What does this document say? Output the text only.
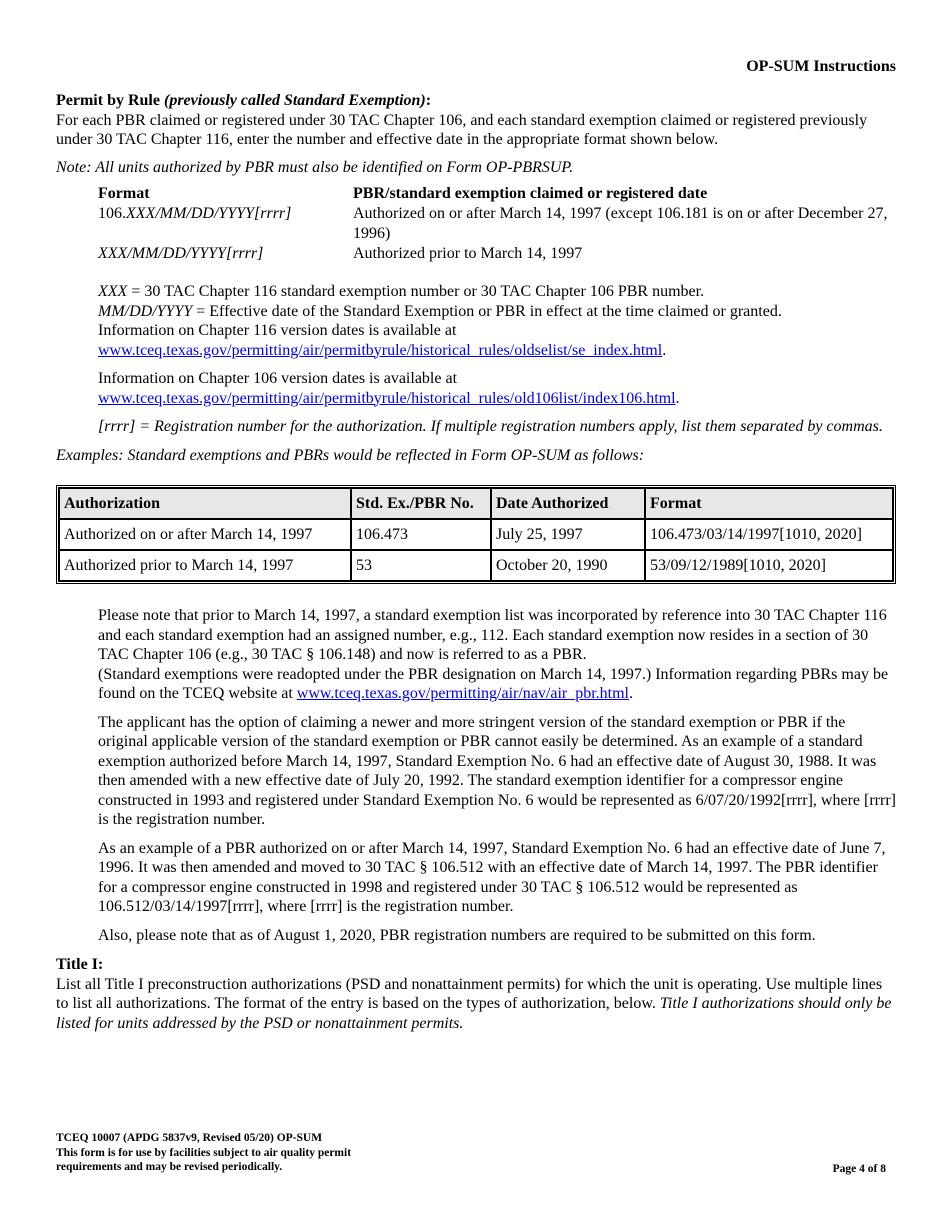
OP-SUM Instructions

Permit by Rule (previously called Standard Exemption):

For each PBR claimed or registered under 30 TAC Chapter 106, and each standard exemption claimed or registered previously under 30 TAC Chapter 116, enter the number and effective date in the appropriate format shown below.

Note: All units authorized by PBR must also be identified on Form OP-PBRSUP.

Format	PBR/standard exemption claimed or registered date
106.XXX/MM/DD/YYYY[rrrr]	Authorized on or after March 14, 1997 (except 106.181 is on or after December 27, 1996)
XXX/MM/DD/YYYY[rrrr]	Authorized prior to March 14, 1997

XXX = 30 TAC Chapter 116 standard exemption number or 30 TAC Chapter 106 PBR number.

MM/DD/YYYY = Effective date of the Standard Exemption or PBR in effect at the time claimed or granted.

Information on Chapter 116 version dates is available at

www.tceq.texas.gov/permitting/air/permitbyrule/historical_rules/oldselist/se_index.html.

Information on Chapter 106 version dates is available at

www.tceq.texas.gov/permitting/air/permitbyrule/historical_rules/old106list/index106.html.

[rrrr] = Registration number for the authorization. If multiple registration numbers apply, list them separated by commas.

Examples: Standard exemptions and PBRs would be reflected in Form OP-SUM as follows:

Authorization	Std. Ex./PBR No.	Date Authorized	Format
Authorized on or after March 14, 1997	106.473	July 25, 1997	106.473/03/14/1997[1010, 2020]
Authorized prior to March 14, 1997	53	October 20, 1990	53/09/12/1989[1010, 2020]

Please note that prior to March 14, 1997, a standard exemption list was incorporated by reference into 30 TAC Chapter 116 and each standard exemption had an assigned number, e.g., 112. Each standard exemption now resides in a section of 30 TAC Chapter 106 (e.g., 30 TAC § 106.148) and now is referred to as a PBR.
(Standard exemptions were readopted under the PBR designation on March 14, 1997.) Information regarding PBRs may be found on the TCEQ website at www.tceq.texas.gov/permitting/air/nav/air_pbr.html.

The applicant has the option of claiming a newer and more stringent version of the standard exemption or PBR if the original applicable version of the standard exemption or PBR cannot easily be determined. As an example of a standard exemption authorized before March 14, 1997, Standard Exemption No. 6 had an effective date of August 30, 1988. It was then amended with a new effective date of July 20, 1992. The standard exemption identifier for a compressor engine constructed in 1993 and registered under Standard Exemption No. 6 would be represented as 6/07/20/1992[rrrr], where [rrrr] is the registration number.

As an example of a PBR authorized on or after March 14, 1997, Standard Exemption No. 6 had an effective date of June 7, 1996. It was then amended and moved to 30 TAC § 106.512 with an effective date of March 14, 1997. The PBR identifier for a compressor engine constructed in 1998 and registered under 30 TAC § 106.512 would be represented as 106.512/03/14/1997[rrrr], where [rrrr] is the registration number.

Also, please note that as of August 1, 2020, PBR registration numbers are required to be submitted on this form.

Title I:

List all Title I preconstruction authorizations (PSD and nonattainment permits) for which the unit is operating. Use multiple lines to list all authorizations. The format of the entry is based on the types of authorization, below. Title I authorizations should only be listed for units addressed by the PSD or nonattainment permits.

TCEQ 10007 (APDG 5837v9, Revised 05/20) OP-SUM
This form is for use by facilities subject to air quality permit
requirements and may be revised periodically.	Page 4 of 8
